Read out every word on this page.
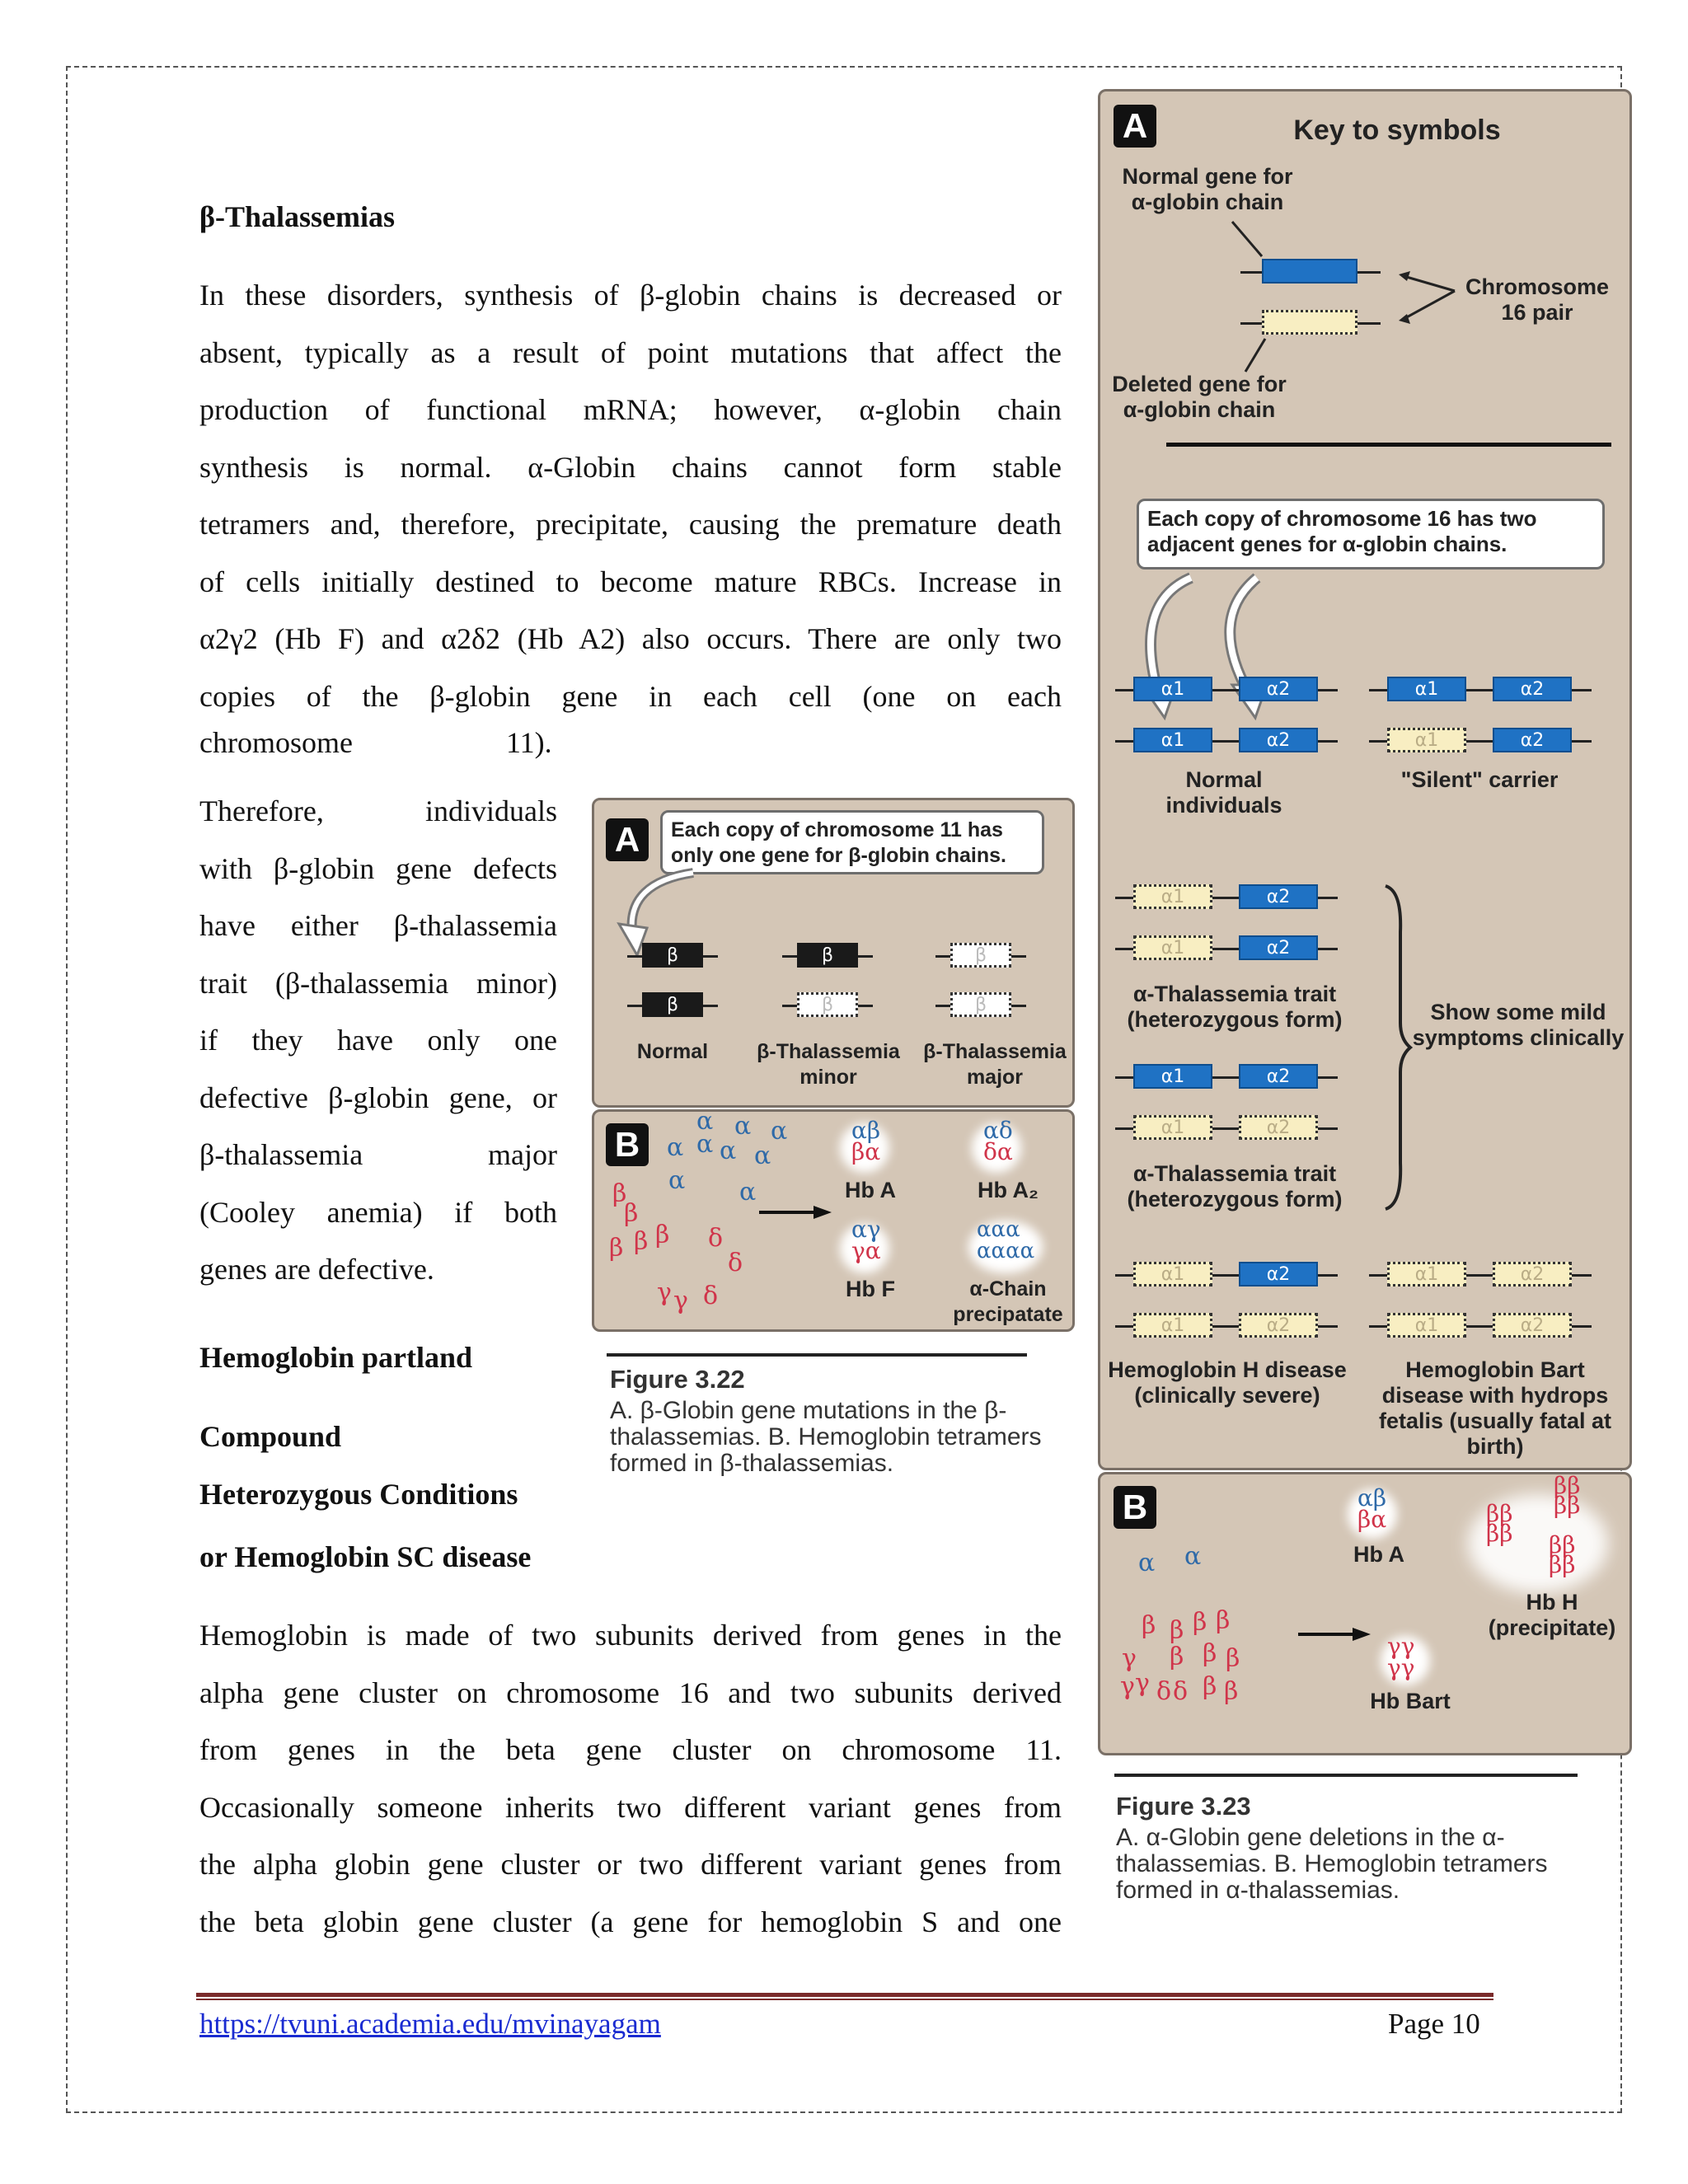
β-Thalassemias

In these disorders, synthesis of β-globin chains is decreased or

absent, typically as a result of point mutations that affect the

production of functional mRNA; however, α-globin chain

synthesis is normal. α-Globin chains cannot form stable

tetramers and, therefore, precipitate, causing the premature death

of cells initially destined to become mature RBCs. Increase in

α2γ2 (Hb F) and α2δ2 (Hb A2) also occurs. There are only two

copies of the β-globin gene in each cell (one on each

chromosome	11).

Therefore, individuals

with β-globin gene defects

have either β-thalassemia

trait (β-thalassemia minor)

if they have only one

defective β-globin gene, or

β-thalassemia major

(Cooley anemia) if both

genes are defective.

Hemoglobin partland
Compound
Heterozygous Conditions
or Hemoglobin SC disease

Hemoglobin is made of two subunits derived from genes in the

alpha gene cluster on chromosome 16 and two subunits derived

from genes in the beta gene cluster on chromosome 11.

Occasionally someone inherits two different variant genes from

the alpha globin gene cluster or two different variant genes from

the beta globin gene cluster (a gene for hemoglobin S and one

A	Each copy of chromosome 11 has only one gene for β-globin chains.
β
β
β
β
β
β
Normal	β-Thalassemia minor
β-Thalassemia major
B
α α α
α α α α
α α
β
β
β β β δ
δ
δ
γ γ
αβ
βα
Hb A
αδ
δα
Hb A₂
αγ
γα
Hb F
ααα
αααα
α-Chain precipatate
Figure 3.22

A. β-Globin gene mutations in the β-thalassemias. B. Hemoglobin tetramers formed in β-thalassemias.

A	Key to symbols
Normal gene for α-globin chain
Deleted gene for α-globin chain
Chromosome 16 pair
Each copy of chromosome 16 has two adjacent genes for α-globin chains.
α1	α2
α1	α2
Normal individuals
α1	α2
α1	α2
"Silent" carrier
α1	α2
α1	α2
α-Thalassemia trait (heterozygous form)
α1	α2
α1	α2
α-Thalassemia trait (heterozygous form)
Show some mild symptoms clinically
α1	α2
α1	α2
Hemoglobin H disease (clinically severe)
α1	α2
α1	α2
Hemoglobin Bart disease with hydrops fetalis (usually fatal at birth)
B
α α
β β β β
γ β β β
γ γ δ δ β β
αβ
βα
Hb A
ββ
ββ
ββ
ββ
ββ
ββ
Hb H (precipitate)
γγ
γγ
Hb Bart
Figure 3.23

A. α-Globin gene deletions in the α-thalassemias. B. Hemoglobin tetramers formed in α-thalassemias.

https://tvuni.academia.edu/mvinayagam	Page 10
